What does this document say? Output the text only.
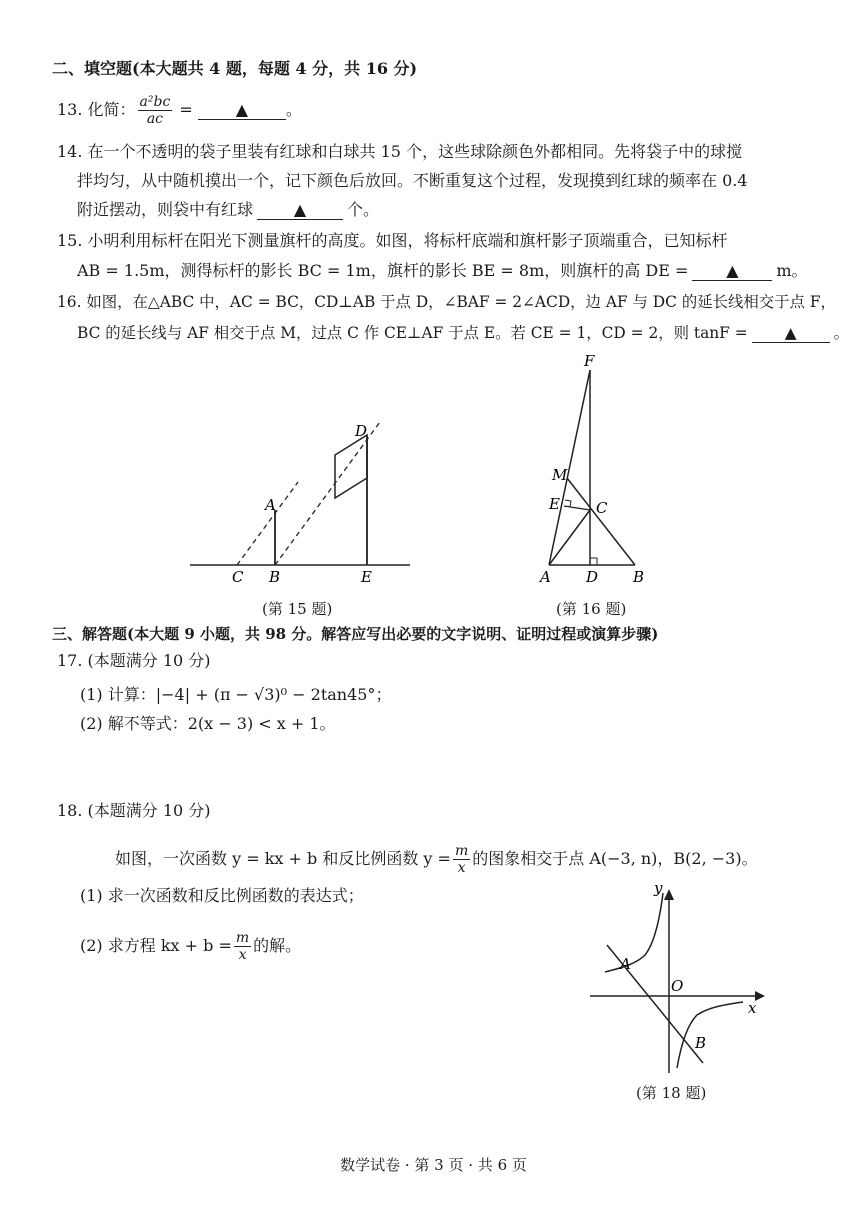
二、填空题(本大题共 4 题，每题 4 分，共 16 分)
13. 化简： $\frac{\text{a²bc}}{ac}$ = ▲ 。
14. 在一个不透明的袋子里装有红球和白球共 15 个，这些球除颜色外都相同。先将袋子中的球搅
拌均匀，从中随机摸出一个，记下颜色后放回。不断重复这个过程，发现摸到红球的频率在 0.4
附近摆动，则袋中有红球	▲	个。
15. 小明利用标杆在阳光下测量旗杆的高度。如图，将标杆底端和旗杆影子顶端重合，已知标杆
AB = 1.5m，测得标杆的影长 BC = 1m，旗杆的影长 BE = 8m，则旗杆的高 DE = ▲ m。
16. 如图，在△ABC 中，AC = BC，CD⊥AB 于点 D，∠BAF = 2∠ACD，边 AF 与 DC 的延长线相交于点 F，
BC 的延长线与 AF 相交于点 M，过点 C 作 CE⊥AF 于点 E。若 CE = 1，CD = 2，则 tanF = ▲ 。
A
B
C
D
E
(第 15 题)
F
M
E C
A D B
(第 16 题)
三、解答题(本大题 9 小题，共 98 分。解答应写出必要的文字说明、证明过程或演算步骤)
17. (本题满分 10 分)
(1) 计算：|−4| + (π − √3)⁰ − 2tan45°；
(2) 解不等式：2(x − 3) < x + 1。
18. (本题满分 10 分)
如图，一次函数 y = kx + b 和反比例函数 $y = \frac{m}{x}$ 的图象相交于点 A(−3, n)，B(2, −3)。
(1) 求一次函数和反比例函数的表达式；
(2) 求方程 kx + $b = \frac{m}{x}$ 的解。
y
x
O
A
B
(第 18 题)
数学试卷 · 第 3 页 · 共 6 页
